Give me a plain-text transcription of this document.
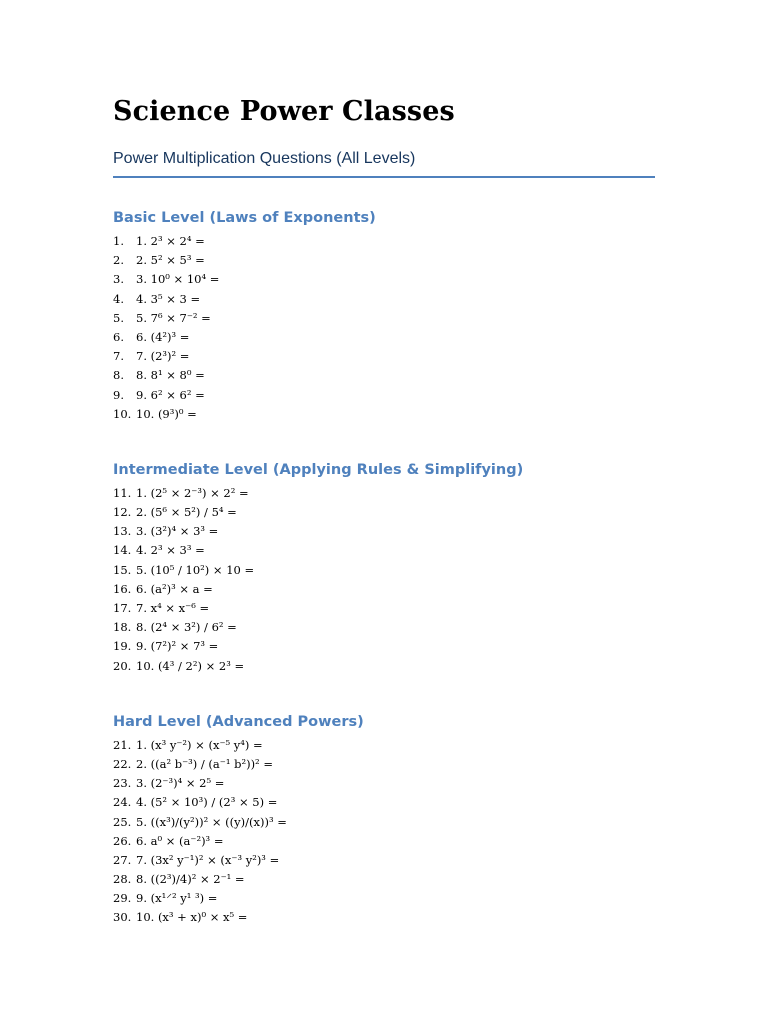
Science Power Classes
Power Multiplication Questions (All Levels)
Basic Level (Laws of Exponents)
1.	1. 2³ × 2⁴ =
2.	2. 5² × 5³ =
3.	3. 10⁰ × 10⁴ =
4.	4. 3⁵ × 3 =
5.	5. 7⁶ × 7⁻² =
6.	6. (4²)³ =
7.	7. (2³)² =
8.	8. 8¹ × 8⁰ =
9.	9. 6² × 6² =
10. 10. (9³)⁰ =
Intermediate Level (Applying Rules & Simplifying)
11. 1. (2⁵ × 2⁻³) × 2² =
12. 2. (5⁶ × 5²) / 5⁴ =
13. 3. (3²)⁴ × 3³ =
14. 4. 2³ × 3³ =
15. 5. (10⁵ / 10²) × 10 =
16. 6. (a²)³ × a =
17. 7. x⁴ × x⁻⁶ =
18. 8. (2⁴ × 3²) / 6² =
19. 9. (7²)² × 7³ =
20. 10. (4³ / 2²) × 2³ =
Hard Level (Advanced Powers)
21. 1. (x³ y⁻²) × (x⁻⁵ y⁴) =
22. 2. ((a² b⁻³) / (a⁻¹ b²))² =
23. 3. (2⁻³)⁴ × 2⁵ =
24. 4. (5² × 10³) / (2³ × 5) =
25. 5. ((x³)/(y²))² × ((y)/(x))³ =
26. 6. a⁰ × (a⁻²)³ =
27. 7. (3x² y⁻¹)² × (x⁻³ y²)³ =
28. 8. ((2³)/4)² × 2⁻¹ =
29. 9. (x¹⸍² y¹ ³) =
30. 10. (x³ + x)⁰ × x⁵ =
